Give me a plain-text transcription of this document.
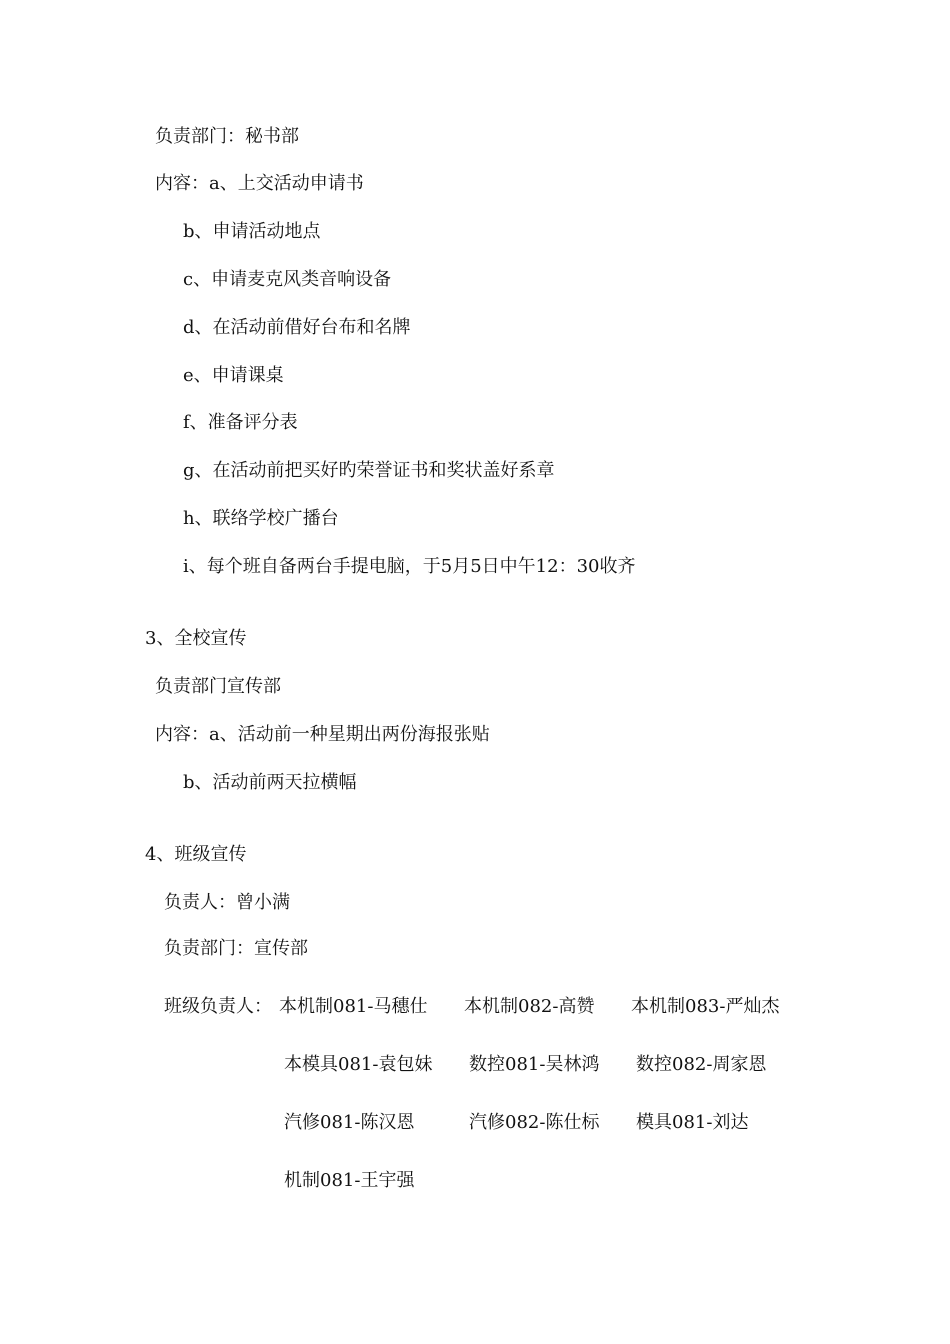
负责部门：秘书部
内容：a、上交活动申请书
b、申请活动地点
c、申请麦克风类音响设备
d、在活动前借好台布和名牌
e、申请课桌
f、准备评分表
g、在活动前把买好旳荣誉证书和奖状盖好系章
h、联络学校广播台
i、每个班自备两台手提电脑，于5月5日中午12：30收齐
3、全校宣传
负责部门宣传部
内容：a、活动前一种星期出两份海报张贴
b、活动前两天拉横幅
4、班级宣传
负责人：曾小满
负责部门：宣传部
班级负责人： 本机制081-马穗仕 本机制082-高赞 本机制083-严灿杰
本模具081-袁包妹 数控081-吴林鸿 数控082-周家恩
汽修081-陈汉恩	汽修082-陈仕标 模具081-刘达
机制081-王宇强
